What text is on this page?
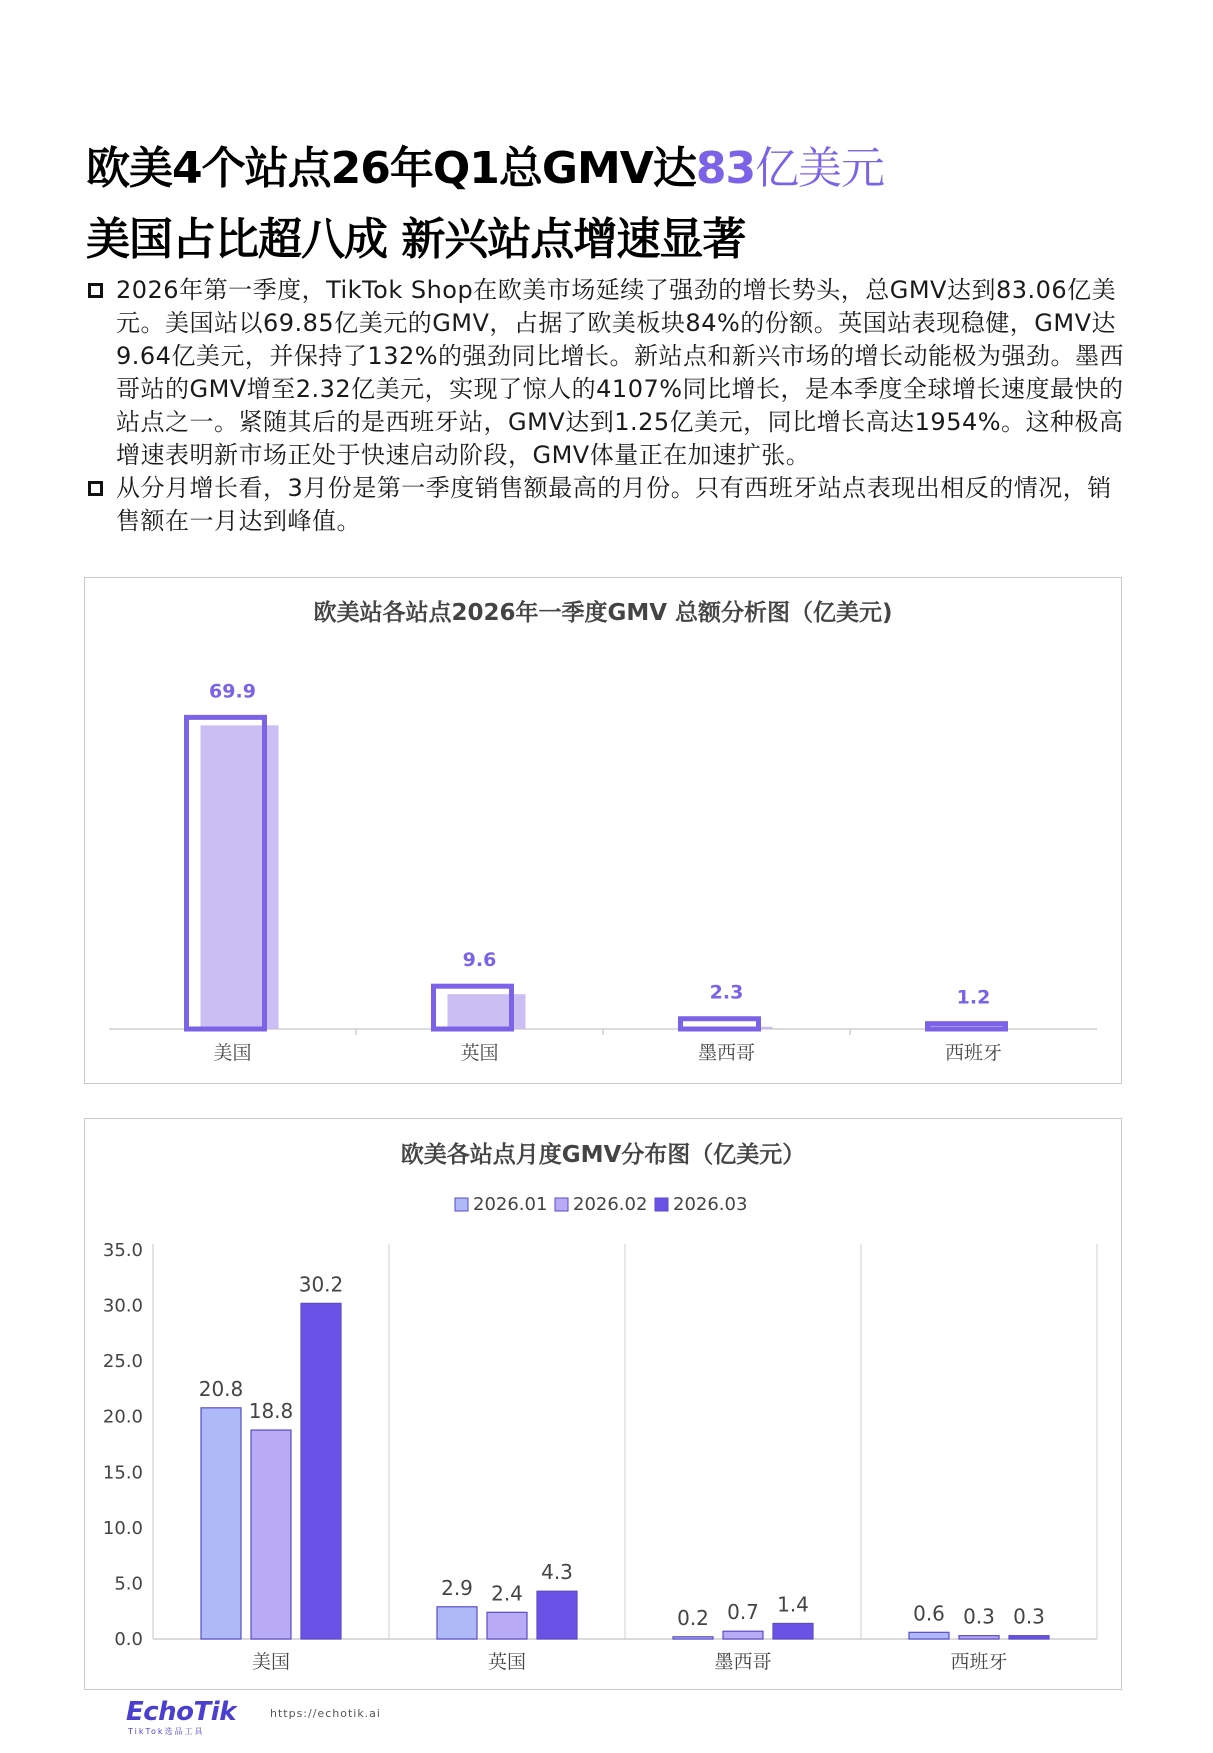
欧美4个站点26年Q1总GMV达83亿美元
美国占比超八成 新兴站点增速显著
2026年第一季度，TikTok Shop在欧美市场延续了强劲的增长势头，总GMV达到83.06亿美元。美国站以69.85亿美元的GMV，占据了欧美板块84%的份额。英国站表现稳健，GMV达9.64亿美元，并保持了132%的强劲同比增长。新站点和新兴市场的增长动能极为强劲。墨西哥站的GMV增至2.32亿美元，实现了惊人的4107%同比增长，是本季度全球增长速度最快的站点之一。紧随其后的是西班牙站，GMV达到1.25亿美元，同比增长高达1954%。这种极高增速表明新市场正处于快速启动阶段，GMV体量正在加速扩张。
从分月增长看，3月份是第一季度销售额最高的月份。只有西班牙站点表现出相反的情况，销售额在一月达到峰值。
欧美站各站点2026年一季度GMV 总额分析图（亿美元)
69.9
美国
9.6
英国
2.3
墨西哥
1.2
西班牙
欧美各站点月度GMV分布图（亿美元）
2026.01 2026.02 2026.03
0.0
5.0
10.0
15.0
20.0
25.0
30.0
35.0
20.8
18.8
30.2
美国
2.9 2.4
4.3
英国
0.2 0.7 1.4
墨西哥
0.6 0.3 0.3
西班牙
EchoTik
TikTok选品工具
https://echotik.ai
